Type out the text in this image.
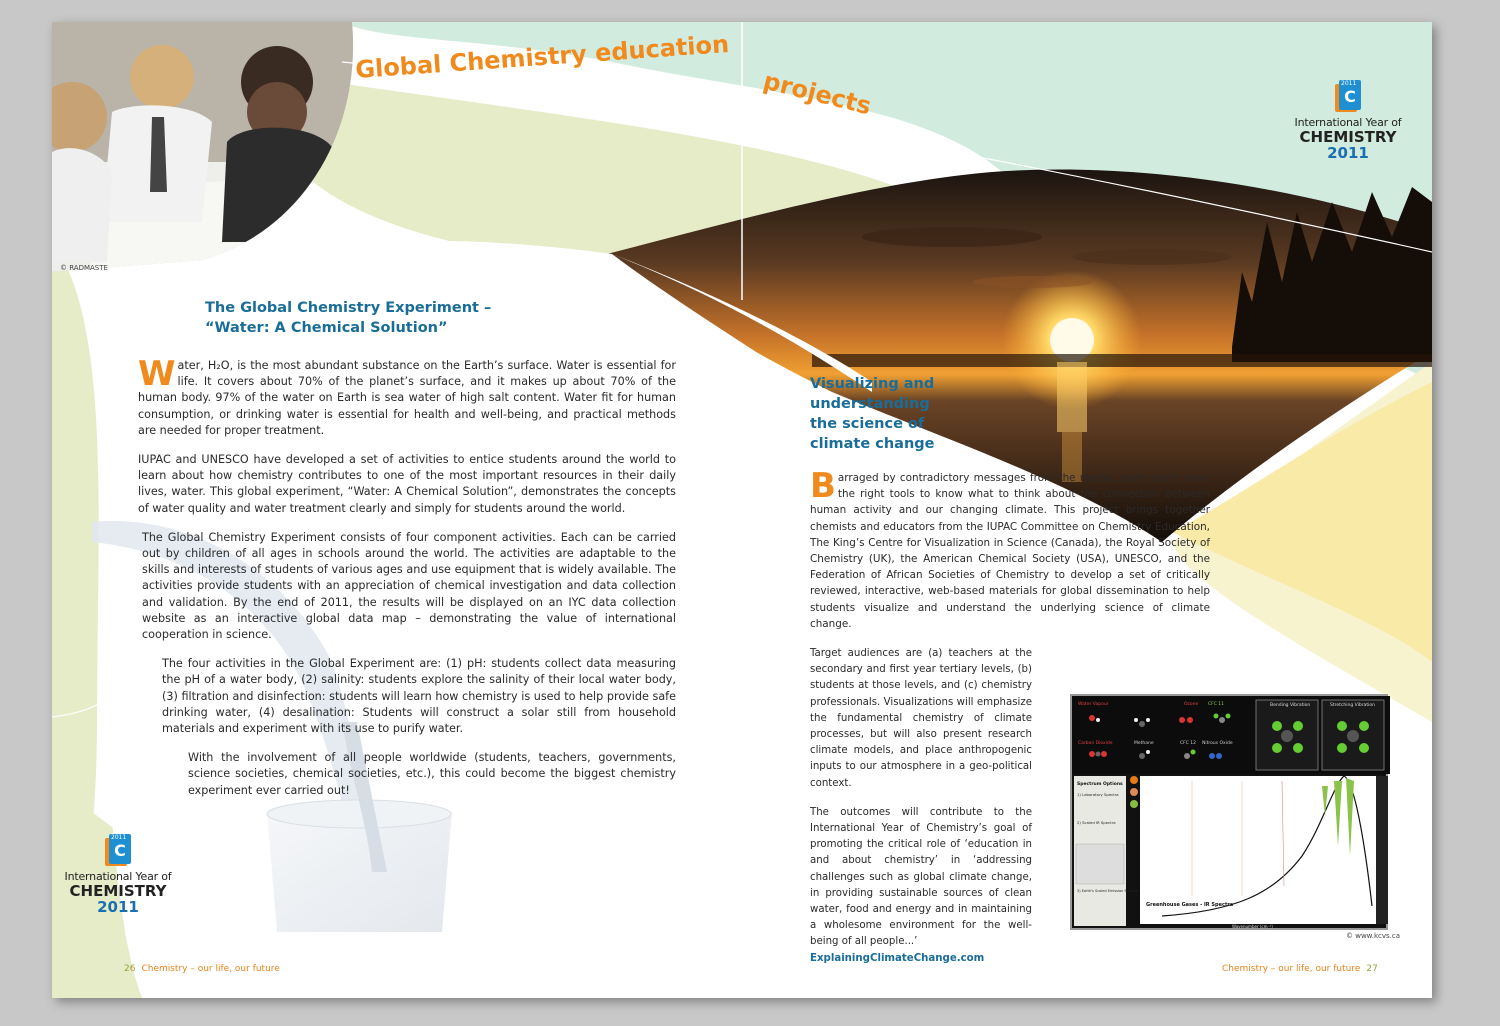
Global Chemistry education
projects
© RADMASTE
C
2011
International Year of
CHEMISTRY
2011
C
2011
International Year of
CHEMISTRY
2011
The Global Chemistry Experiment –
“Water: A Chemical Solution”

Water, H₂O, is the most abundant substance on the Earth’s surface. Water is essential for life. It covers about 70% of the planet’s surface, and it makes up about 70% of the human body. 97% of the water on Earth is sea water of high salt content. Water fit for human consumption, or drinking water is essential for health and well-being, and practical methods are needed for proper treatment.

IUPAC and UNESCO have developed a set of activities to entice students around the world to learn about how chemistry contributes to one of the most important resources in their daily lives, water. This global experiment, “Water: A Chemical Solution”, demonstrates the concepts of water quality and water treatment clearly and simply for students around the world.

The Global Chemistry Experiment consists of four component activities. Each can be carried out by children of all ages in schools around the world. The activities are adaptable to the skills and interests of students of various ages and use equipment that is widely available. The activities provide students with an appreciation of chemical investigation and data collection and validation. By the end of 2011, the results will be displayed on an IYC data collection website as an interactive global data map – demonstrating the value of international cooperation in science.

The four activities in the Global Experiment are: (1) pH: students collect data measuring the pH of a water body, (2) salinity: students explore the salinity of their local water body, (3) filtration and disinfection: students will learn how chemistry is used to help provide safe drinking water, (4) desalination: Students will construct a solar still from household materials and experiment with its use to purify water.

With the involvement of all people worldwide (students, teachers, governments, science societies, chemical societies, etc.), this could become the biggest chemistry experiment ever carried out!

Visualizing and
understanding
the science of
climate change

Barraged by contradictory messages from the media, many don’t have the right tools to know what to think about the connection between human activity and our changing climate. This project brings together chemists and educators from the IUPAC Committee on Chemistry Education, The King’s Centre for Visualization in Science (Canada), the Royal Society of Chemistry (UK), the American Chemical Society (USA), UNESCO, and the Federation of African Societies of Chemistry to develop a set of critically reviewed, interactive, web-based materials for global dissemination to help students visualize and understand the underlying science of climate change.

Target audiences are (a) teachers at the secondary and first year tertiary levels, (b) students at those levels, and (c) chemistry professionals. Visualizations will emphasize the fundamental chemistry of climate processes, but will also present research climate models, and place anthropogenic inputs to our atmosphere in a geo-political context.

The outcomes will contribute to the International Year of Chemistry’s goal of promoting the critical role of ‘education in and about chemistry’ in ‘addressing challenges such as global climate change, in providing sustainable sources of clean water, food and energy and in maintaining a wholesome environment for the well-being of all people...’

ExplainingClimateChange.com

Water Vapour
Carbon Dioxide	Methane	CFC 12 Nitrous Oxide
CFC 11
Ozone	Bending Vibration	Stretching Vibration
Spectrum Options
1) Laboratory Spectra
2) Scaled IR Spectra
3) Earth's Scaled Emission Spectra
Greenhouse Gases - IR Spectra
Wavenumber (cm⁻¹)
© www.kcvs.ca
26 Chemistry – our life, our future	Chemistry – our life, our future 27
